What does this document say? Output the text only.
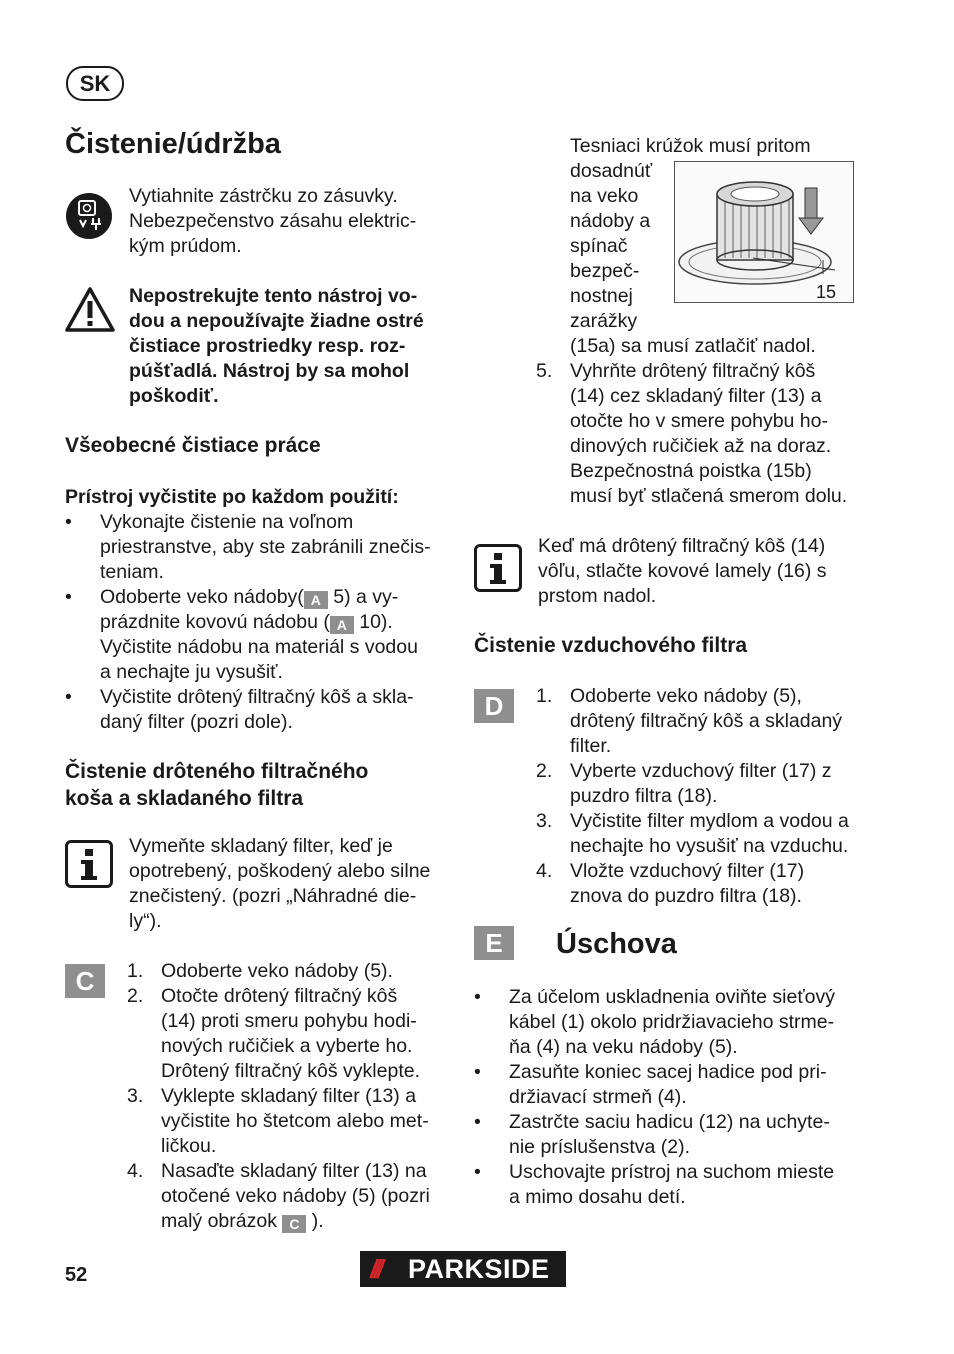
SK
Čistenie/údržba

Vytiahnite zástrčku zo zásuvky.

Nebezpečenstvo zásahu elektric-

kým prúdom.

Nepostrekujte tento nástroj vo-

dou a nepoužívajte žiadne ostré

čistiace prostriedky resp. roz-

púšťadlá. Nástroj by sa mohol

poškodiť.

Všeobecné čistiace práce

Prístroj vyčistite po každom použití:

• Vykonajte čistenie na voľnom
priestranstve, aby ste zabránili znečis-
teniam.
• Odoberte veko nádoby( A 5) a vy-
prázdnite kovovú nádobu ( A 10).
Vyčistite nádobu na materiál s vodou
a nechajte ju vysušiť.
• Vyčistite drôtený filtračný kôš a skla-
daný filter (pozri dole).

Čistenie drôteného filtračného

koša a skladaného filtra

Vymeňte skladaný filter, keď je

opotrebený, poškodený alebo silne

znečistený. (pozri „Náhradné die-

ly“).

C	1. Odoberte veko nádoby (5).
2. Otočte drôtený filtračný kôš
(14) proti smeru pohybu hodi-
nových ručičiek a vyberte ho.
Drôtený filtračný kôš vyklepte.
3. Vyklepte skladaný filter (13) a
vyčistite ho štetcom alebo met-
ličkou.
4. Nasaďte skladaný filter (13) na
otočené veko nádoby (5) (pozri
malý obrázok C ).

Tesniaci krúžok musí pritom

dosadnúť

na veko

nádoby a

spínač

bezpeč-

nostnej

zarážky

(15a) sa musí zatlačiť nadol.

15
5. Vyhrňte drôtený filtračný kôš
(14) cez skladaný filter (13) a
otočte ho v smere pohybu ho-
dinových ručičiek až na doraz.
Bezpečnostná poistka (15b)
musí byť stlačená smerom dolu.

Keď má drôtený filtračný kôš (14)

vôľu, stlačte kovové lamely (16) s

prstom nadol.

Čistenie vzduchového filtra
D	1. Odoberte veko nádoby (5),
drôtený filtračný kôš a skladaný
filter.
2. Vyberte vzduchový filter (17) z
puzdro filtra (18).
3. Vyčistite filter mydlom a vodou a
nechajte ho vysušiť na vzduchu.
4. Vložte vzduchový filter (17)
znova do puzdro filtra (18).
E	Úschova
• Za účelom uskladnenia oviňte sieťový
kábel (1) okolo pridržiavacieho strme-
ňa (4) na veku nádoby (5).
• Zasuňte koniec sacej hadice pod pri-
držiavací strmeň (4).
• Zastrčte saciu hadicu (12) na uchyte-
nie príslušenstva (2).
• Uschovajte prístroj na suchom mieste
a mimo dosahu detí.
52	/// PARKSIDE
